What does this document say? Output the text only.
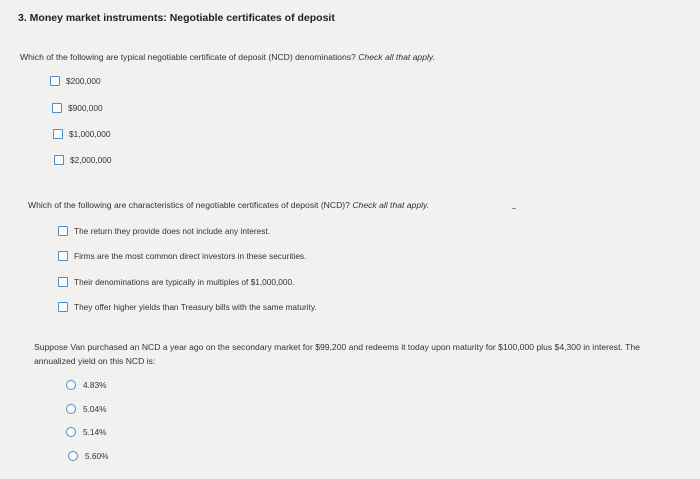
3. Money market instruments: Negotiable certificates of deposit
Which of the following are typical negotiable certificate of deposit (NCD) denominations? Check all that apply.
$200,000
$900,000
$1,000,000
$2,000,000
Which of the following are characteristics of negotiable certificates of deposit (NCD)? Check all that apply.
The return they provide does not include any interest.
Firms are the most common direct investors in these securities.
Their denominations are typically in multiples of $1,000,000.
They offer higher yields than Treasury bills with the same maturity.
Suppose Van purchased an NCD a year ago on the secondary market for $99,200 and redeems it today upon maturity for $100,000 plus $4,300 in interest. The annualized yield on this NCD is:
4.83%
5.04%
5.14%
5.60%
